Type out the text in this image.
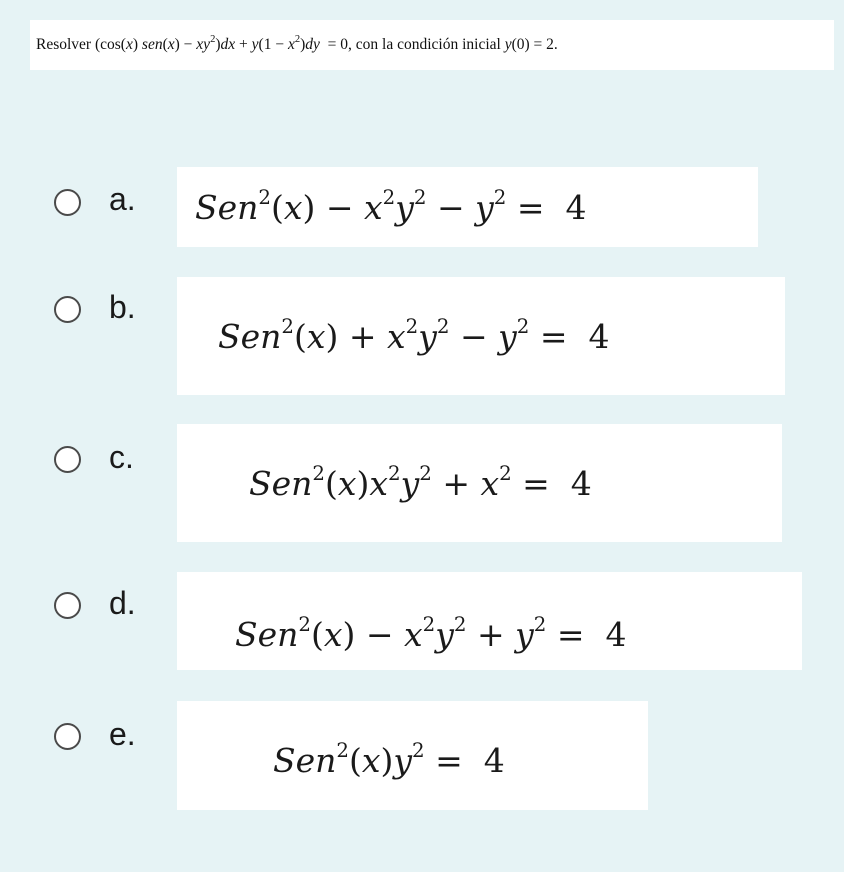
Resolver (cos(x) $sen(x) - xy^2)dx + y(1 - x^2)dy = 0$, con la condición inicial y(0) = 2.
a. $Sen^2(x) - x^2y^2 - y^2 = 4$
b.
$Sen^2(x) + x^2y^2 - y^2 = 4$
c.
$Sen^2(x)x^2y^2 + x^2 = 4$
d.
$Sen^2(x) - x^2y^2 + y^2 = 4$
e.
$Sen^2(x)y^2 = 4$
